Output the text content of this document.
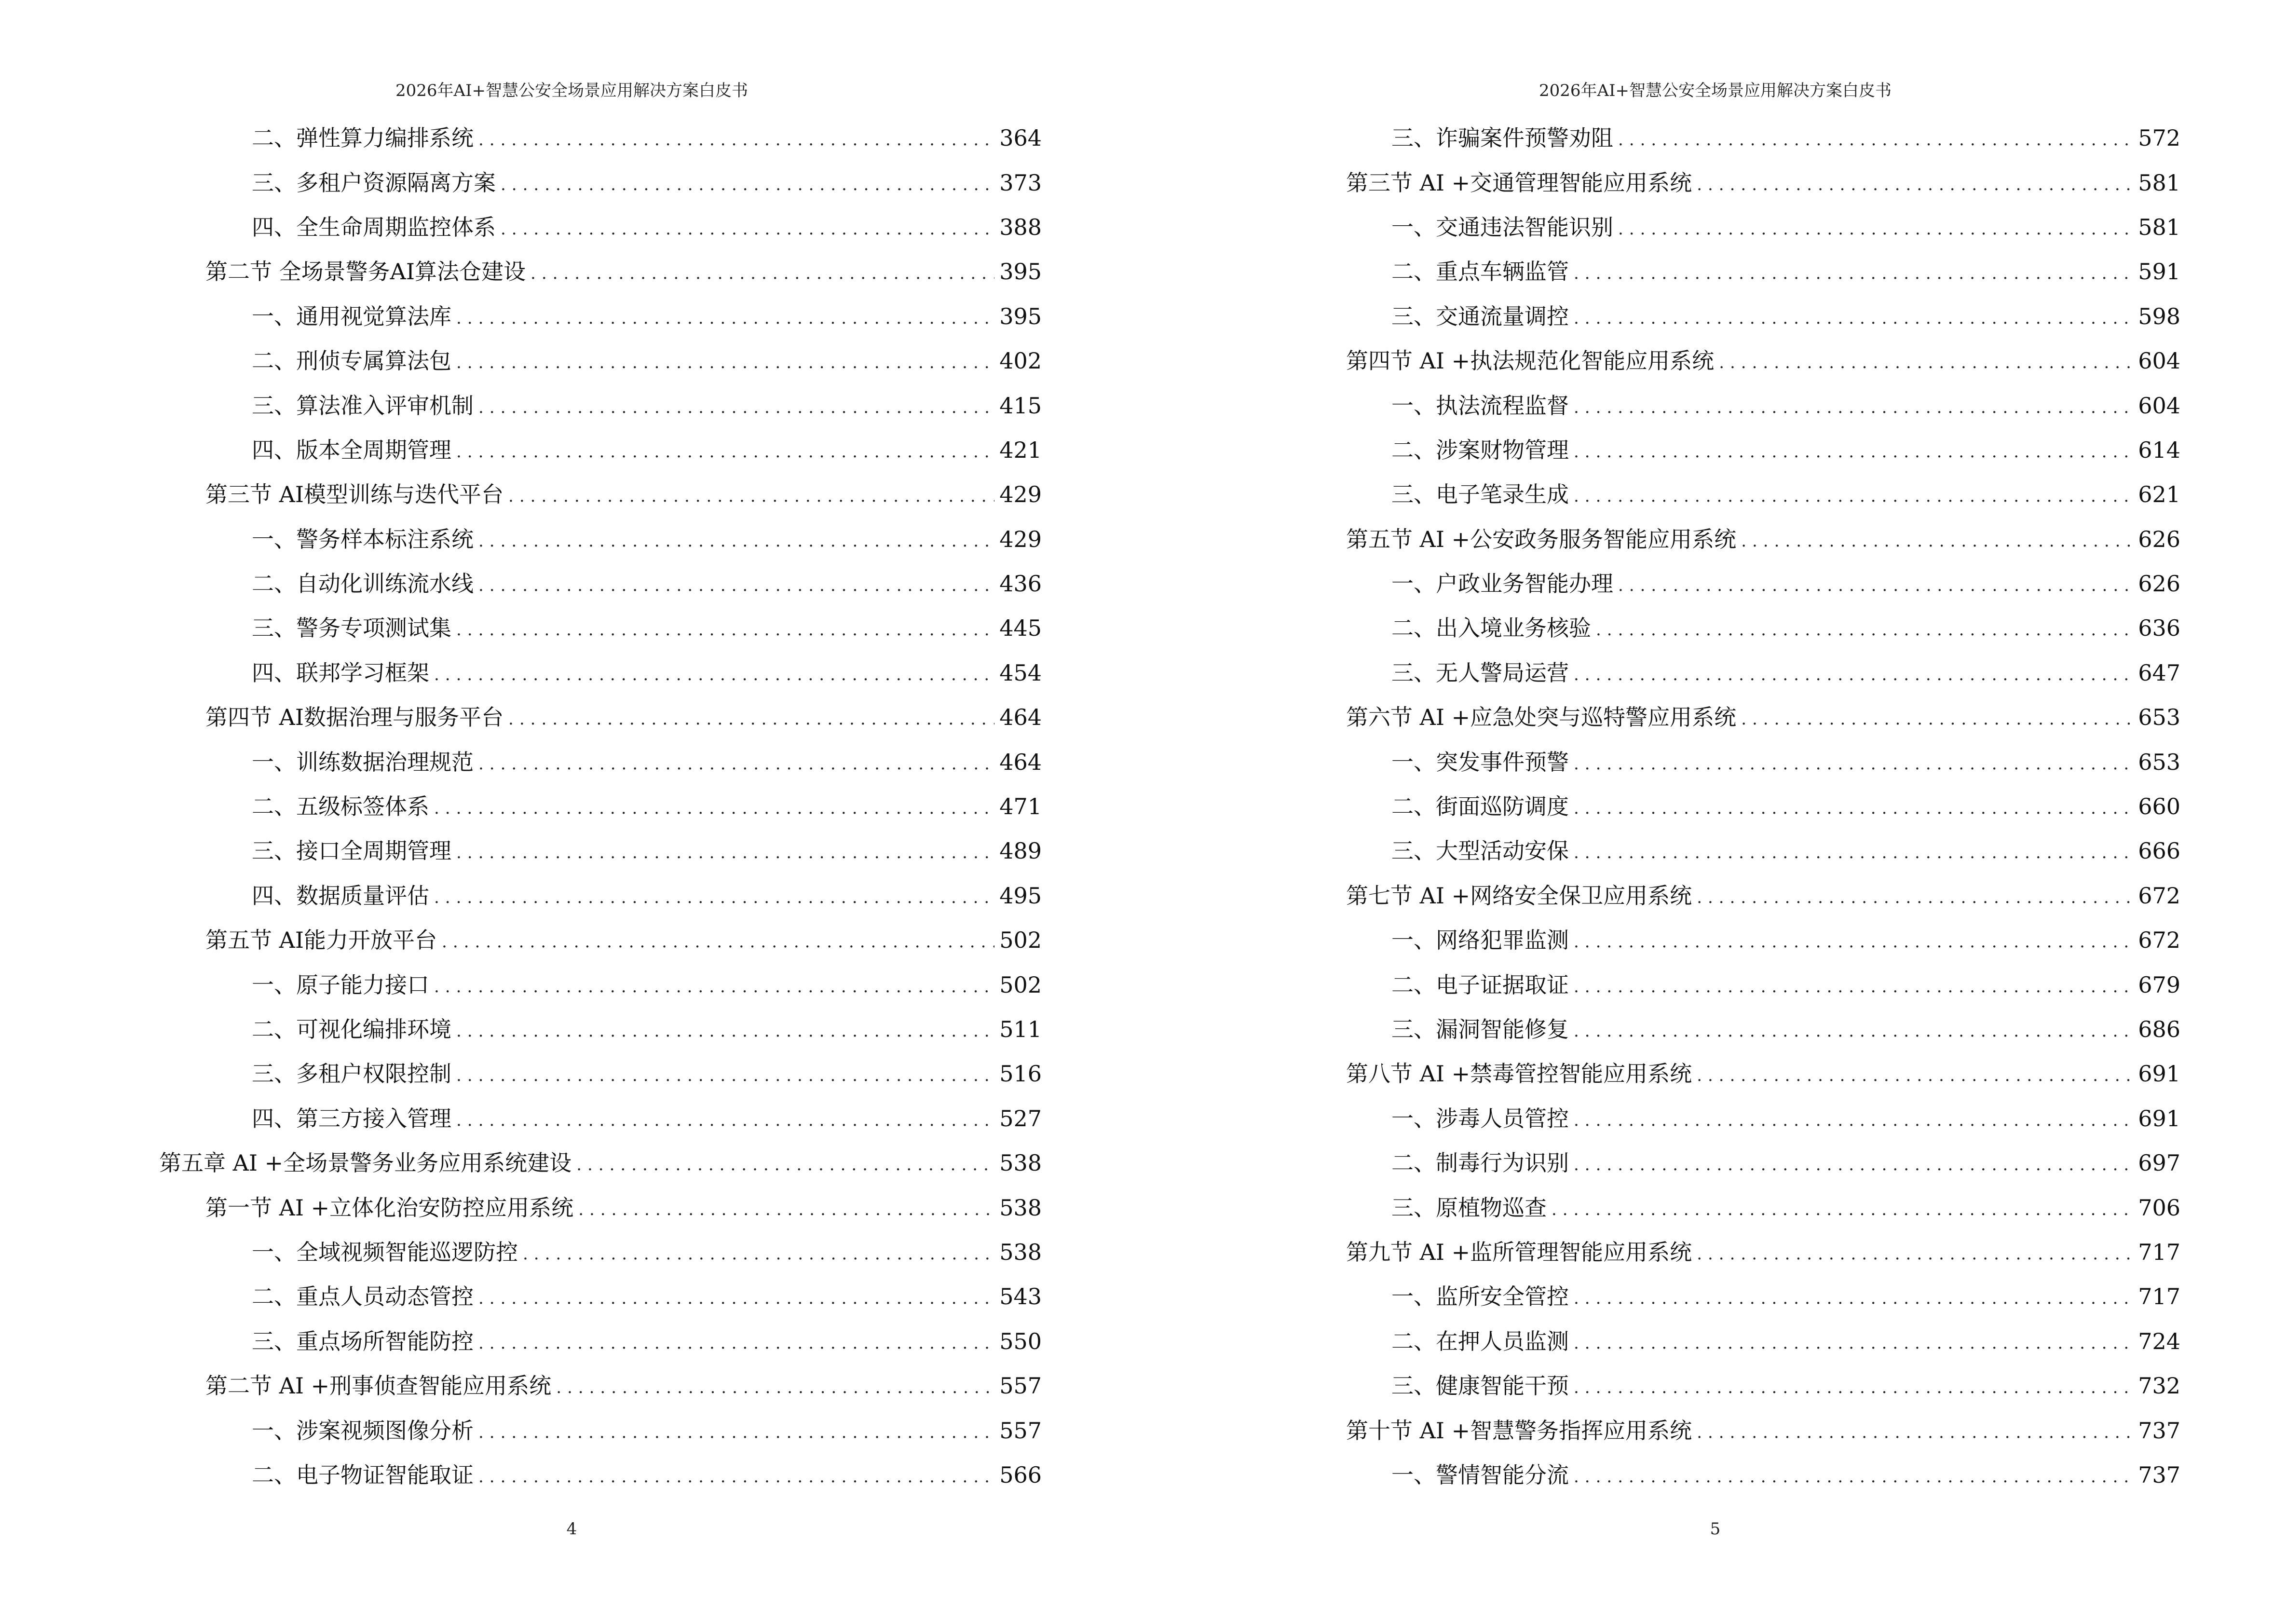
2026年AI+智慧公安全场景应用解决方案白皮书
二、弹性算力编排系统 .....	364
三、多租户资源隔离方案 .....	373
四、全生命周期监控体系 .....	388
第二节 全场景警务AI算法仓建设 .....	395
一、通用视觉算法库 .....	395
二、刑侦专属算法包 .....	402
三、算法准入评审机制 .....	415
四、版本全周期管理 .....	421
第三节 AI模型训练与迭代平台 .....	429
一、警务样本标注系统 .....	429
二、自动化训练流水线 .....	436
三、警务专项测试集 .....	445
四、联邦学习框架 .....	454
第四节 AI数据治理与服务平台 .....	464
一、训练数据治理规范 .....	464
二、五级标签体系 .....	471
三、接口全周期管理 .....	489
四、数据质量评估 .....	495
第五节 AI能力开放平台 .....	502
一、原子能力接口 .....	502
二、可视化编排环境 .....	511
三、多租户权限控制 .....	516
四、第三方接入管理 .....	527
第五章 AI +全场景警务业务应用系统建设 .....	538
第一节 AI +立体化治安防控应用系统 .....	538
一、全域视频智能巡逻防控 .....	538
二、重点人员动态管控 .....	543
三、重点场所智能防控 .....	550
第二节 AI +刑事侦查智能应用系统 .....	557
一、涉案视频图像分析 .....	557
二、电子物证智能取证 .....	566
4
2026年AI+智慧公安全场景应用解决方案白皮书
三、诈骗案件预警劝阻 .....	572
第三节 AI +交通管理智能应用系统 .....	581
一、交通违法智能识别 .....	581
二、重点车辆监管 .....	591
三、交通流量调控 .....	598
第四节 AI +执法规范化智能应用系统 .....	604
一、执法流程监督 .....	604
二、涉案财物管理 .....	614
三、电子笔录生成 .....	621
第五节 AI +公安政务服务智能应用系统 .....	626
一、户政业务智能办理 .....	626
二、出入境业务核验 .....	636
三、无人警局运营 .....	647
第六节 AI +应急处突与巡特警应用系统 .....	653
一、突发事件预警 .....	653
二、街面巡防调度 .....	660
三、大型活动安保 .....	666
第七节 AI +网络安全保卫应用系统 .....	672
一、网络犯罪监测 .....	672
二、电子证据取证 .....	679
三、漏洞智能修复 .....	686
第八节 AI +禁毒管控智能应用系统 .....	691
一、涉毒人员管控 .....	691
二、制毒行为识别 .....	697
三、原植物巡查 .....	706
第九节 AI +监所管理智能应用系统 .....	717
一、监所安全管控 .....	717
二、在押人员监测 .....	724
三、健康智能干预 .....	732
第十节 AI +智慧警务指挥应用系统 .....	737
一、警情智能分流 .....	737
5
